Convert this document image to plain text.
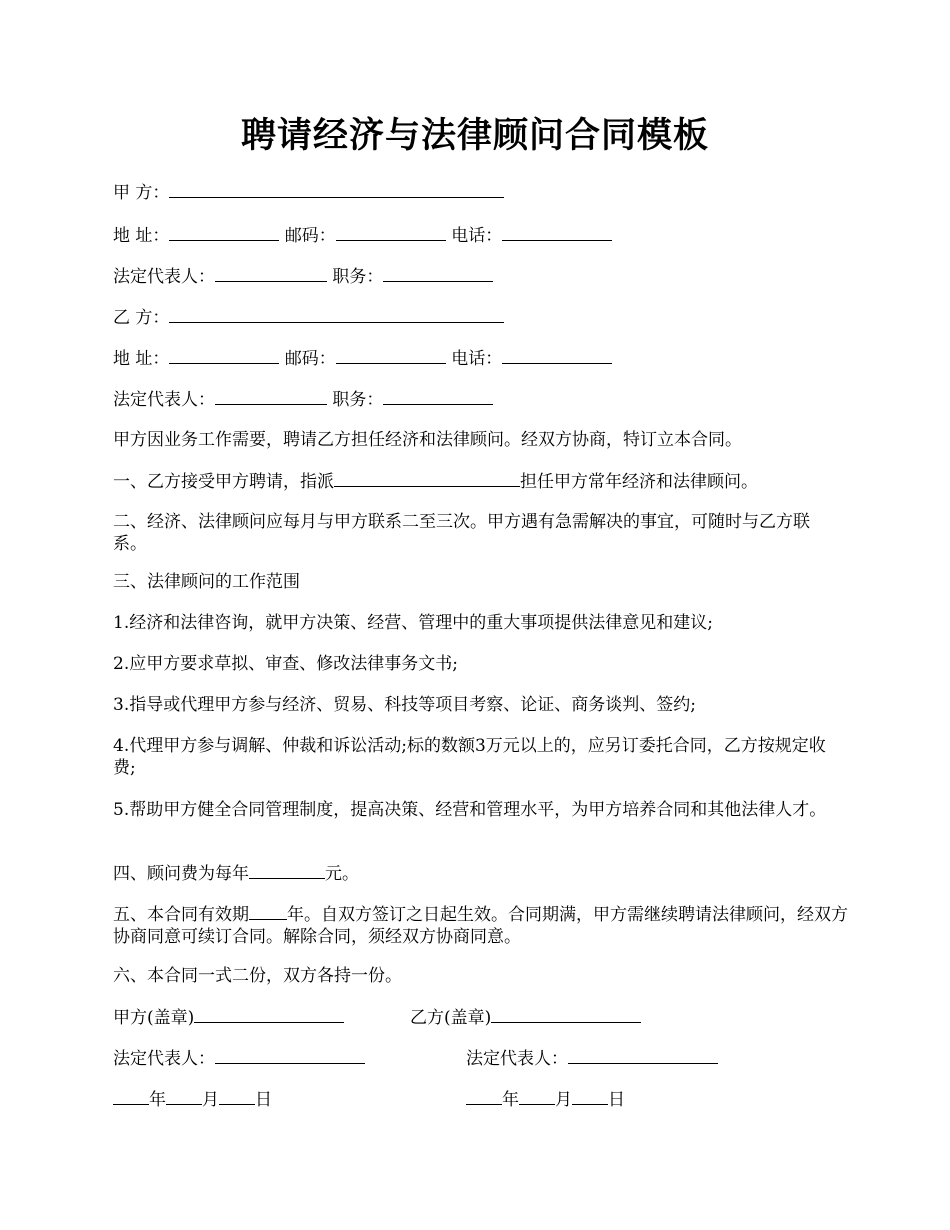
聘请经济与法律顾问合同模板
甲 方：
地 址：	邮码：	电话：
法定代表人：	职务：
乙 方：
地 址：	邮码：	电话：
法定代表人：	职务：
甲方因业务工作需要，聘请乙方担任经济和法律顾问。经双方协商，特订立本合同。
一、乙方接受甲方聘请，指派	担任甲方常年经济和法律顾问。
二、经济、法律顾问应每月与甲方联系二至三次。甲方遇有急需解决的事宜，可随时与乙方联系。
三、法律顾问的工作范围
1.经济和法律咨询，就甲方决策、经营、管理中的重大事项提供法律意见和建议;
2.应甲方要求草拟、审查、修改法律事务文书;
3.指导或代理甲方参与经济、贸易、科技等项目考察、论证、商务谈判、签约;
4.代理甲方参与调解、仲裁和诉讼活动;标的数额3万元以上的，应另订委托合同，乙方按规定收费;
5.帮助甲方健全合同管理制度，提高决策、经营和管理水平，为甲方培养合同和其他法律人才。
四、顾问费为每年	元。
五、本合同有效期 年。自双方签订之日起生效。合同期满，甲方需继续聘请法律顾问，经双方协商同意可续订合同。解除合同，须经双方协商同意。
六、本合同一式二份，双方各持一份。
甲方(盖章)	乙方(盖章)
法定代表人：	法定代表人：
年 月 日	年 月 日
